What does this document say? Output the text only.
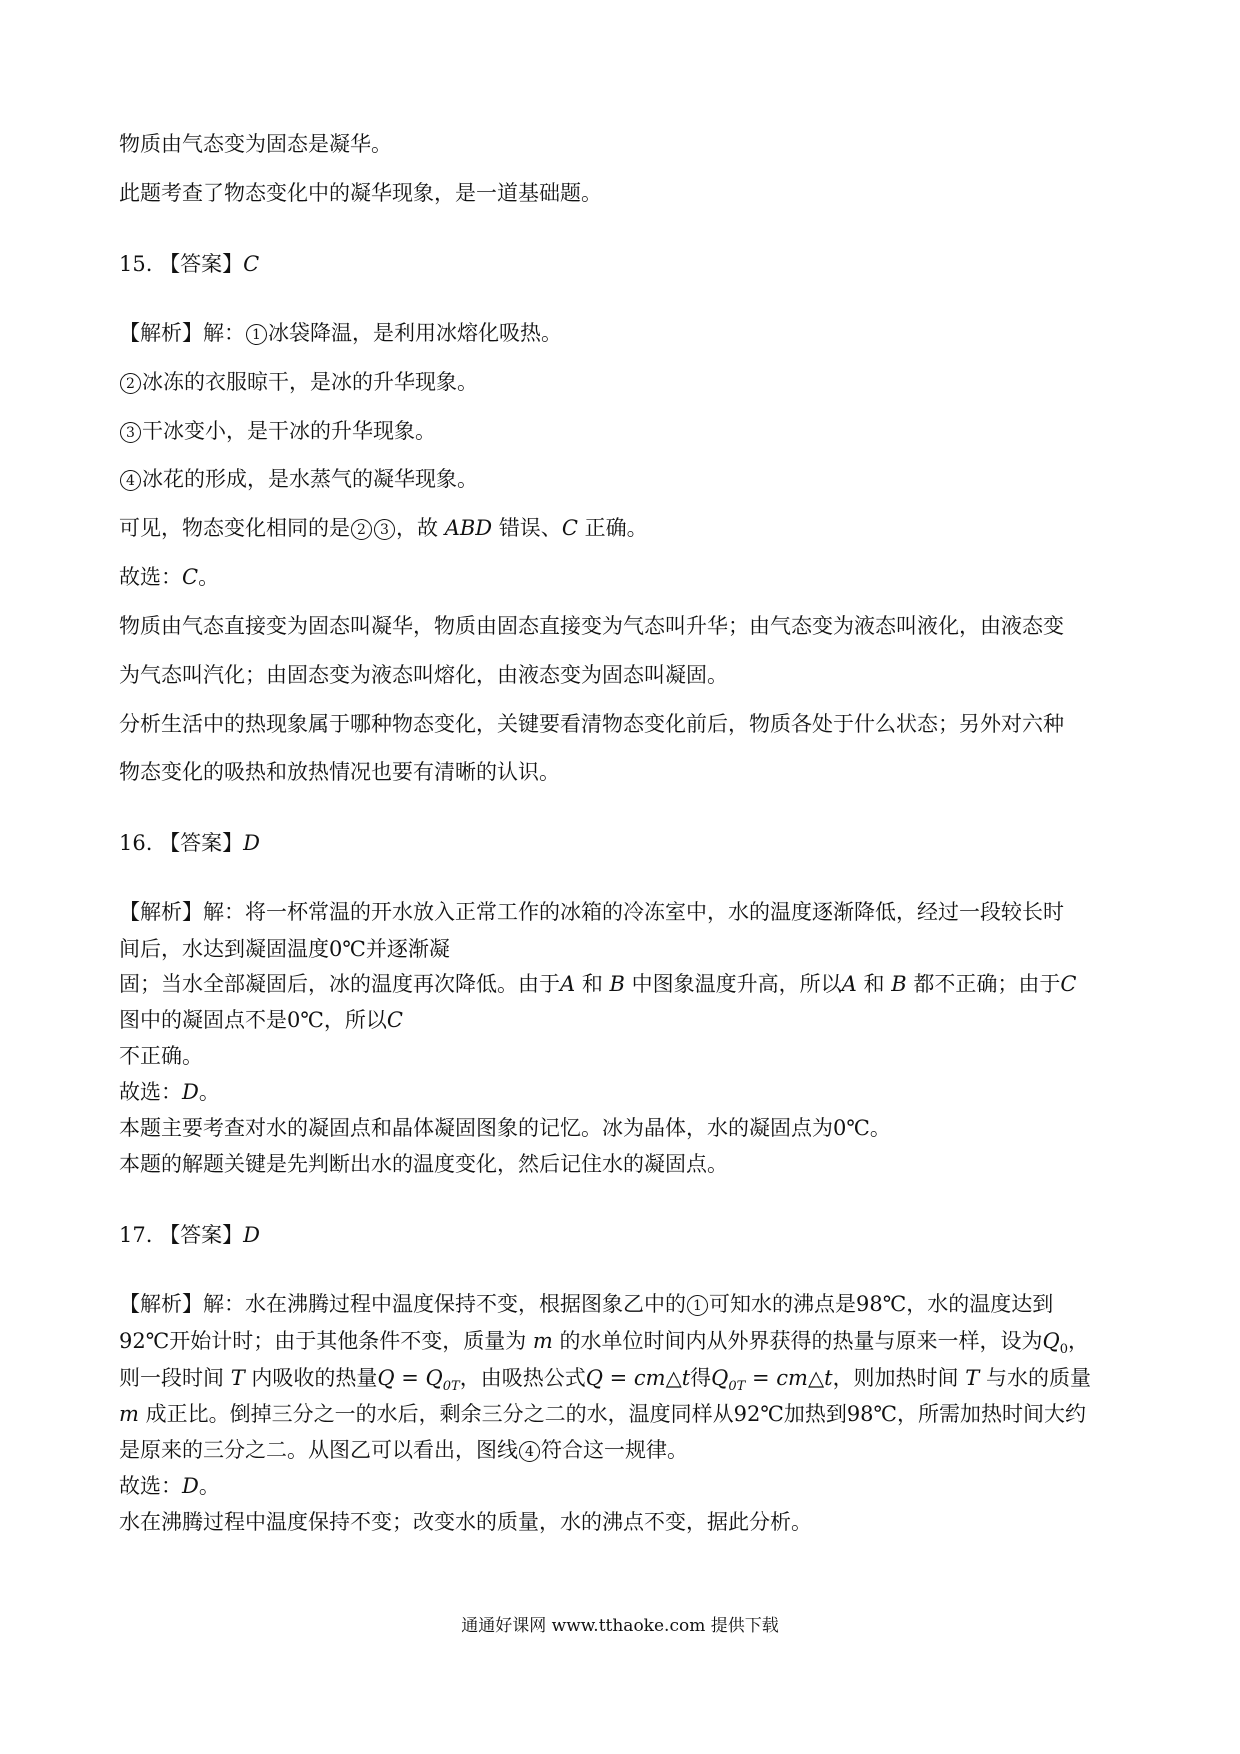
物质由气态变为固态是凝华。

此题考查了物态变化中的凝华现象，是一道基础题。

15. 【答案】C

【解析】解： 1 冰袋降温，是利用冰熔化吸热。

2 冰冻的衣服晾干，是冰的升华现象。

3 干冰变小，是干冰的升华现象。

4 冰花的形成，是水蒸气的凝华现象。

可见，物态变化相同的是 2 3 ，故 ABD 错误、C 正确。

故选：C。

物质由气态直接变为固态叫凝华，物质由固态直接变为气态叫升华；由气态变为液态叫液化，由液态变

为气态叫汽化；由固态变为液态叫熔化，由液态变为固态叫凝固。

分析生活中的热现象属于哪种物态变化，关键要看清物态变化前后，物质各处于什么状态；另外对六种

物态变化的吸热和放热情况也要有清晰的认识。

16. 【答案】D

【解析】解：将一杯常温的开水放入正常工作的冰箱的冷冻室中，水的温度逐渐降低，经过一段较长时

间后，水达到凝固温度0℃并逐渐凝

固；当水全部凝固后，冰的温度再次降低。由于A 和 B 中图象温度升高，所以A 和 B 都不正确；由于C

图中的凝固点不是0℃，所以C

不正确。

故选：D。

本题主要考查对水的凝固点和晶体凝固图象的记忆。冰为晶体，水的凝固点为0℃。

本题的解题关键是先判断出水的温度变化，然后记住水的凝固点。

17. 【答案】D

【解析】解：水在沸腾过程中温度保持不变，根据图象乙中的 1 可知水的沸点是98℃，水的温度达到

92℃开始计时；由于其他条件不变，质量为 m 的水单位时间内从外界获得的热量与原来一样，设为$Q_0$，

则一段时间 T 内吸收的热量$Q = Q_{0T}$，由吸热公式Q = cm△t得$Q_{0T}$ = cm△t，则加热时间 T 与水的质量

m 成正比。倒掉三分之一的水后，剩余三分之二的水，温度同样从92℃加热到98℃，所需加热时间大约

是原来的三分之二。从图乙可以看出，图线 4 符合这一规律。

故选：D。

水在沸腾过程中温度保持不变；改变水的质量，水的沸点不变，据此分析。

通通好课网 www.tthaoke.com 提供下载
